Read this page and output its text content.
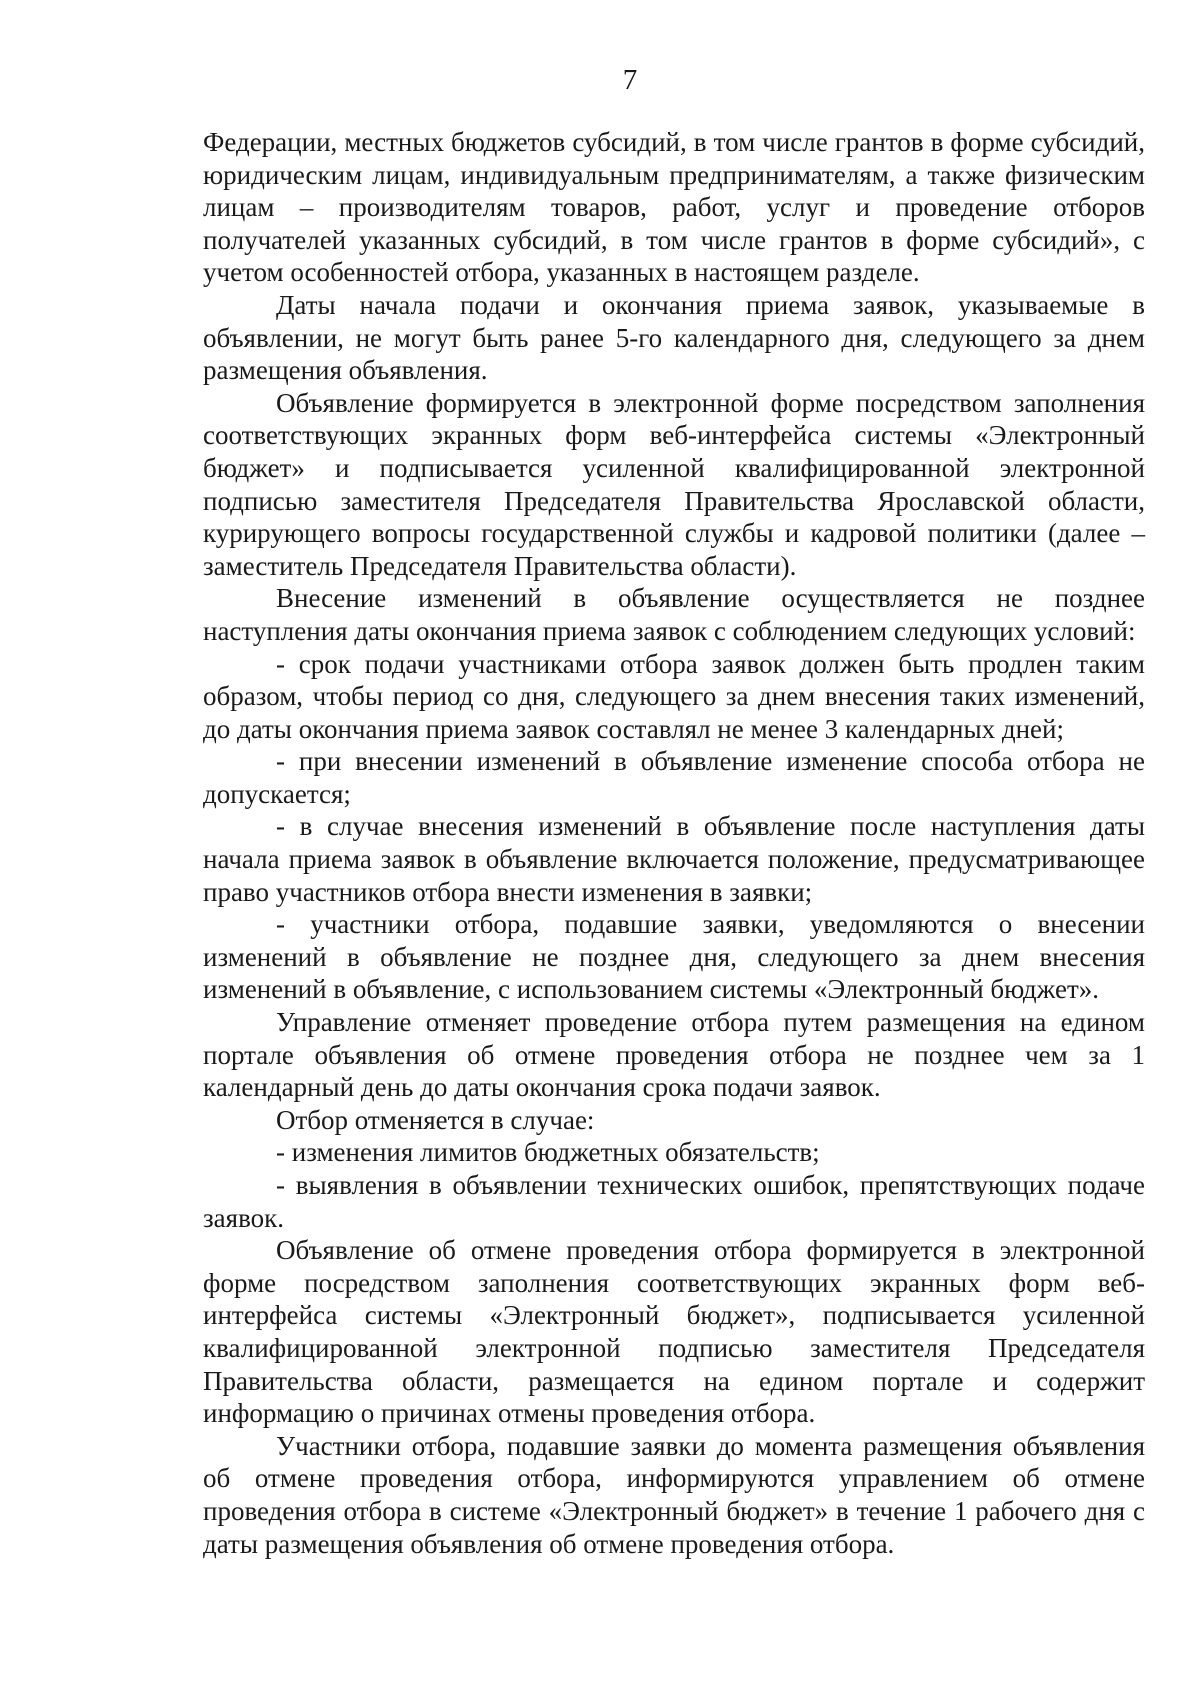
7

Федерации, местных бюджетов субсидий, в том числе грантов в форме субсидий, юридическим лицам, индивидуальным предпринимателям, а также физическим лицам – производителям товаров, работ, услуг и проведение отборов получателей указанных субсидий, в том числе грантов в форме субсидий», с учетом особенностей отбора, указанных в настоящем разделе.

Даты начала подачи и окончания приема заявок, указываемые в объявлении, не могут быть ранее 5-го календарного дня, следующего за днем размещения объявления.

Объявление формируется в электронной форме посредством заполнения соответствующих экранных форм веб-интерфейса системы «Электронный бюджет» и подписывается усиленной квалифицированной электронной подписью заместителя Председателя Правительства Ярославской области, курирующего вопросы государственной службы и кадровой политики (далее – заместитель Председателя Правительства области).

Внесение изменений в объявление осуществляется не позднее наступления даты окончания приема заявок с соблюдением следующих условий:

- срок подачи участниками отбора заявок должен быть продлен таким образом, чтобы период со дня, следующего за днем внесения таких изменений, до даты окончания приема заявок составлял не менее 3 календарных дней;

- при внесении изменений в объявление изменение способа отбора не допускается;

- в случае внесения изменений в объявление после наступления даты начала приема заявок в объявление включается положение, предусматривающее право участников отбора внести изменения в заявки;

- участники отбора, подавшие заявки, уведомляются о внесении изменений в объявление не позднее дня, следующего за днем внесения изменений в объявление, с использованием системы «Электронный бюджет».

Управление отменяет проведение отбора путем размещения на едином портале объявления об отмене проведения отбора не позднее чем за 1 календарный день до даты окончания срока подачи заявок.

Отбор отменяется в случае:

- изменения лимитов бюджетных обязательств;

- выявления в объявлении технических ошибок, препятствующих подаче заявок.

Объявление об отмене проведения отбора формируется в электронной форме посредством заполнения соответствующих экранных форм веб-интерфейса системы «Электронный бюджет», подписывается усиленной квалифицированной электронной подписью заместителя Председателя Правительства области, размещается на едином портале и содержит информацию о причинах отмены проведения отбора.

Участники отбора, подавшие заявки до момента размещения объявления об отмене проведения отбора, информируются управлением об отмене проведения отбора в системе «Электронный бюджет» в течение 1 рабочего дня с даты размещения объявления об отмене проведения отбора.
